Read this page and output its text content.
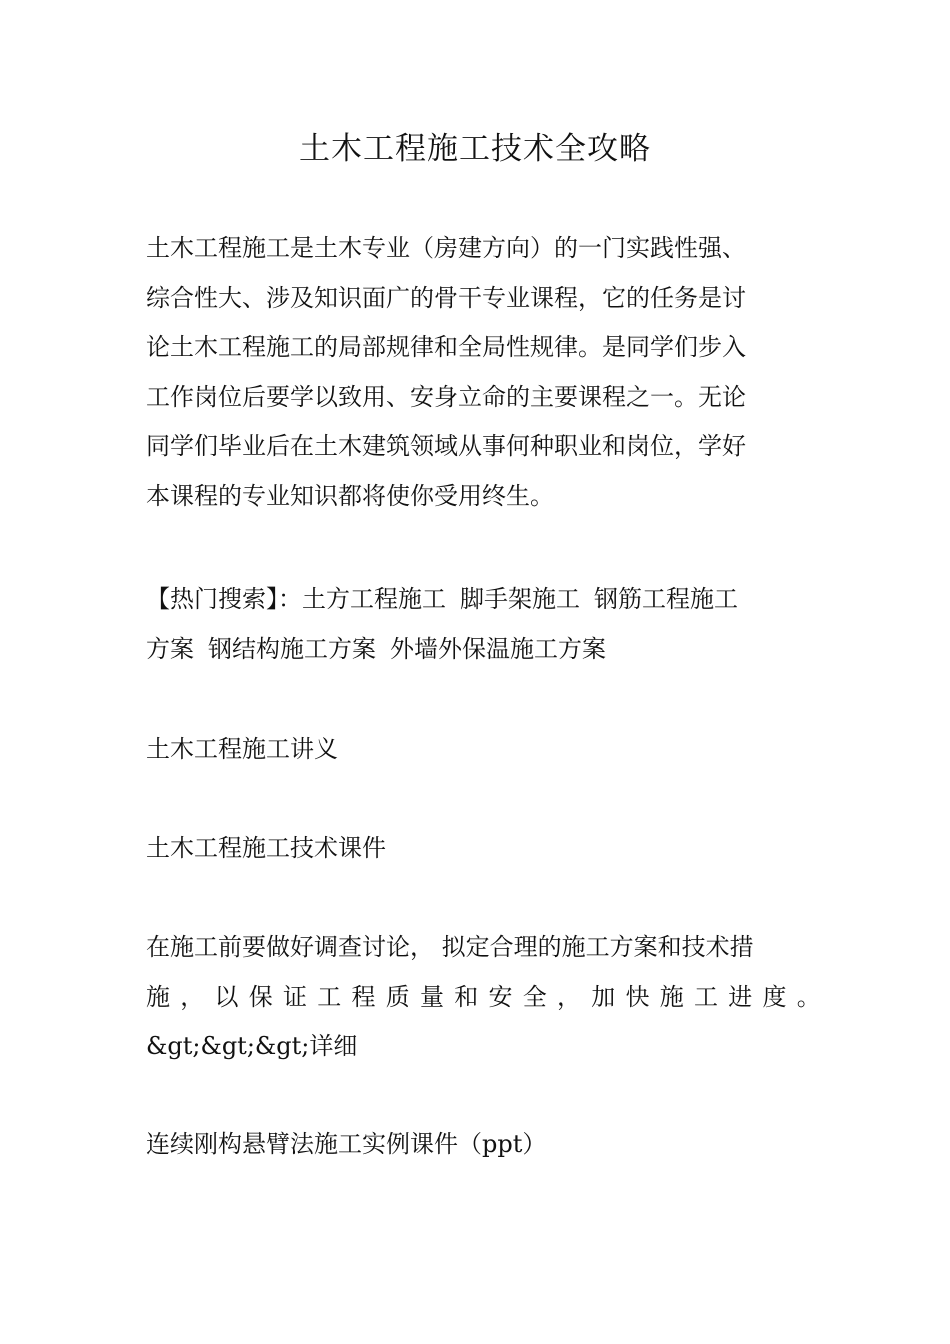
土木工程施工技术全攻略
土木工程施工是土木专业（房建方向）的一门实践性强、
综合性大、涉及知识面广的骨干专业课程，它的任务是讨
论土木工程施工的局部规律和全局性规律。是同学们步入
工作岗位后要学以致用、安身立命的主要课程之一。无论
同学们毕业后在土木建筑领域从事何种职业和岗位，学好
本课程的专业知识都将使你受用终生。
【热门搜索】：土方工程施工 脚手架施工 钢筋工程施工
方案 钢结构施工方案 外墙外保温施工方案

土木工程施工讲义

土木工程施工技术课件

在施工前要做好调查讨论， 拟定合理的施工方案和技术措
施 ， 以 保 证 工 程 质 量 和 安 全 ， 加 快 施 工 进 度 。
&gt;&gt;&gt;详细

连续刚构悬臂法施工实例课件（ppt）
